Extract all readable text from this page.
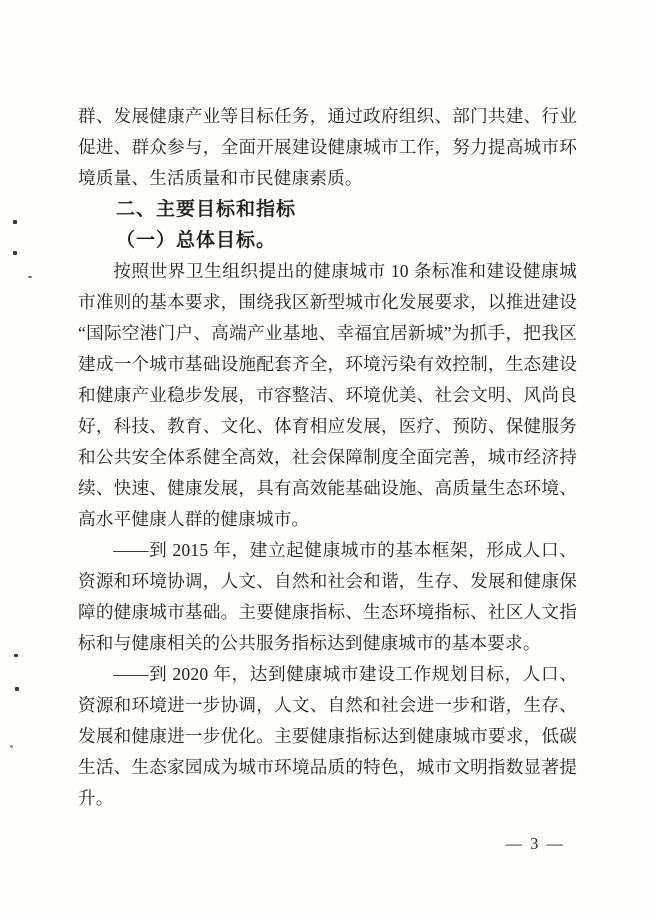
群、发展健康产业等目标任务，通过政府组织、部门共建、行业促进、群众参与，全面开展建设健康城市工作，努力提高城市环境质量、生活质量和市民健康素质。

二、主要目标和指标

（一）总体目标。

按照世界卫生组织提出的健康城市 10 条标准和建设健康城市准则的基本要求，围绕我区新型城市化发展要求，以推进建设“国际空港门户、高端产业基地、幸福宜居新城”为抓手，把我区建成一个城市基础设施配套齐全，环境污染有效控制，生态建设和健康产业稳步发展，市容整洁、环境优美、社会文明、风尚良好，科技、教育、文化、体育相应发展，医疗、预防、保健服务和公共安全体系健全高效，社会保障制度全面完善，城市经济持续、快速、健康发展，具有高效能基础设施、高质量生态环境、高水平健康人群的健康城市。

——到 2015 年，建立起健康城市的基本框架，形成人口、资源和环境协调，人文、自然和社会和谐，生存、发展和健康保障的健康城市基础。主要健康指标、生态环境指标、社区人文指标和与健康相关的公共服务指标达到健康城市的基本要求。

——到 2020 年，达到健康城市建设工作规划目标，人口、资源和环境进一步协调，人文、自然和社会进一步和谐，生存、发展和健康进一步优化。主要健康指标达到健康城市要求，低碳生活、生态家园成为城市环境品质的特色，城市文明指数显著提升。

— 3 —
